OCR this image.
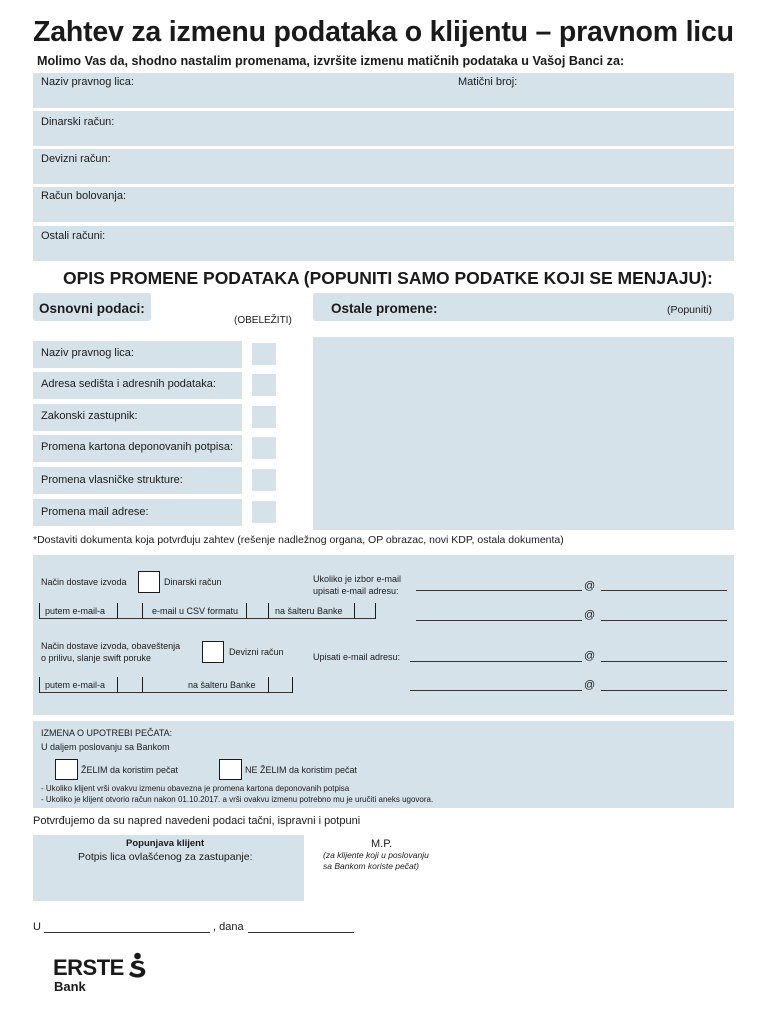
Zahtev za izmenu podataka o klijentu – pravnom licu
Molimo Vas da, shodno nastalim promenama, izvršite izmenu matičnih podataka u Vašoj Banci za:
Naziv pravnog lica:	Matični broj:
Dinarski račun:
Devizni račun:
Račun bolovanja:
Ostali računi:
OPIS PROMENE PODATAKA (POPUNITI SAMO PODATKE KOJI SE MENJAJU):
Osnovni podaci:
(OBELEŽITI)
Ostale promene:	(Popuniti)
Naziv pravnog lica:
Adresa sedišta i adresnih podataka:
Zakonski zastupnik:
Promena kartona deponovanih potpisa:
Promena vlasničke strukture:
Promena mail adrese:
*Dostaviti dokumenta koja potvrđuju zahtev (rešenje nadležnog organa, OP obrazac, novi KDP, ostala dokumenta)
Način dostave izvoda	Dinarski račun
putem e-mail-a	e-mail u CSV formatu	na šalteru Banke
Ukoliko je izbor e-mail
upisati e-mail adresu:	@
@
Način dostave izvoda, obaveštenja
o prilivu, slanje swift poruke
Devizni račun
putem e-mail-a	na šalteru Banke
Upisati e-mail adresu:	@
@
IZMENA O UPOTREBI PEČATA:
U daljem poslovanju sa Bankom
ŽELIM da koristim pečat	NE ŽELIM da koristim pečat
- Ukoliko klijent vrši ovakvu izmenu obavezna je promena kartona deponovanih potpisa
- Ukoliko je klijent otvorio račun nakon 01.10.2017. a vrši ovakvu izmenu potrebno mu je uručiti aneks ugovora.
Potvrđujemo da su napred navedeni podaci tačni, ispravni i potpuni
Popunjava klijent
Potpis lica ovlašćenog za zastupanje:
M.P.
(za klijente koji u poslovanju
sa Bankom koriste pečat)
U	, dana
ERSTE
Bank
